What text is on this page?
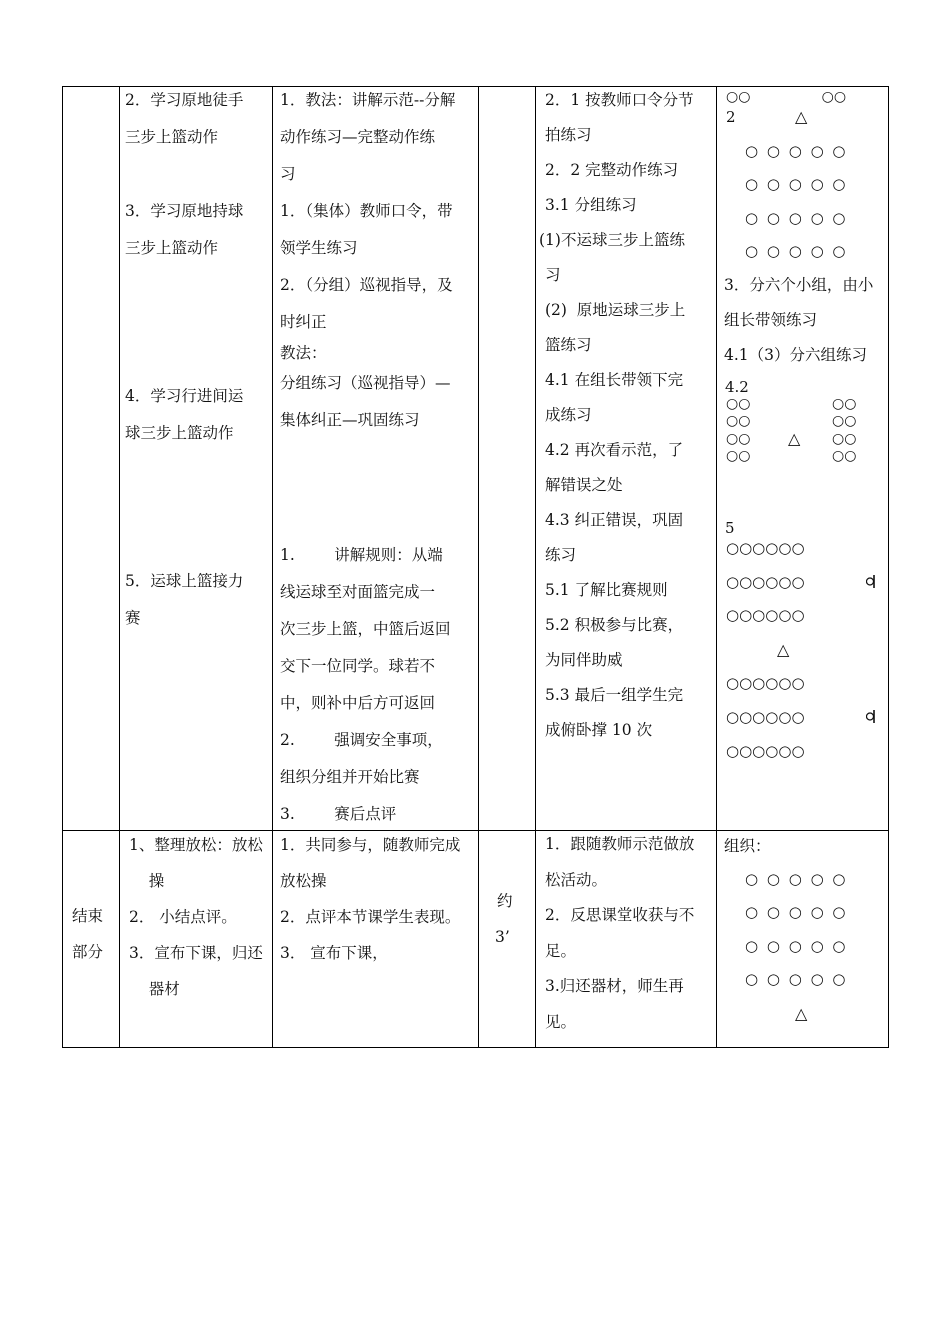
2．学习原地徒手
三步上篮动作

3．学习原地持球
三步上篮动作

4．学习行进间运
球三步上篮动作

5．运球上篮接力
赛
1．教法：讲解示范--分解
动作练习—完整动作练
习
1．（集体）教师口令，带
领学生练习
2．（分组）巡视指导，及
时纠正
教法：
分组练习（巡视指导）—
集体纠正—巩固练习

1.        讲解规则：从端
线运球至对面篮完成一
次三步上篮，中篮后返回
交下一位同学。球若不
中，则补中后方可返回
2.        强调安全事项，
组织分组并开始比赛
3.        赛后点评
2．1 按教师口令分节
拍练习
2．2 完整动作练习
3.1 分组练习
(1)不运球三步上篮练
习
(2)  原地运球三步上
篮练习
4.1 在组长带领下完
成练习
4.2 再次看示范，了
解错误之处
4.3 纠正错误，巩固
练习
5.1 了解比赛规则
5.2 积极参与比赛，
为同伴助威
5.3 最后一组学生完
成俯卧撑 10 次
○○                ○○
2	△
○ ○ ○ ○ ○
○ ○ ○ ○ ○
○ ○ ○ ○ ○
○ ○ ○ ○ ○
3．分六个小组，由小
组长带领练习
4.1（3）分六组练习
4.2
○○
○○
○○
○○
○○
○○
○○
○○
△
5
○○○○○○
○○○○○○
○○○○○○
△
○○○○○○
○○○○○○
○○○○○○
结束
部分
1、整理放松：放松
操
2． 小结点评。
3．宣布下课，归还
器材
1．共同参与，随教师完成
放松操
2．点评本节课学生表现。
3． 宣布下课，
约
3’
1．跟随教师示范做放
松活动。
2．反思课堂收获与不
足。
3.归还器材，师生再
见。
组织：
○ ○ ○ ○ ○
○ ○ ○ ○ ○
○ ○ ○ ○ ○
○ ○ ○ ○ ○
△
